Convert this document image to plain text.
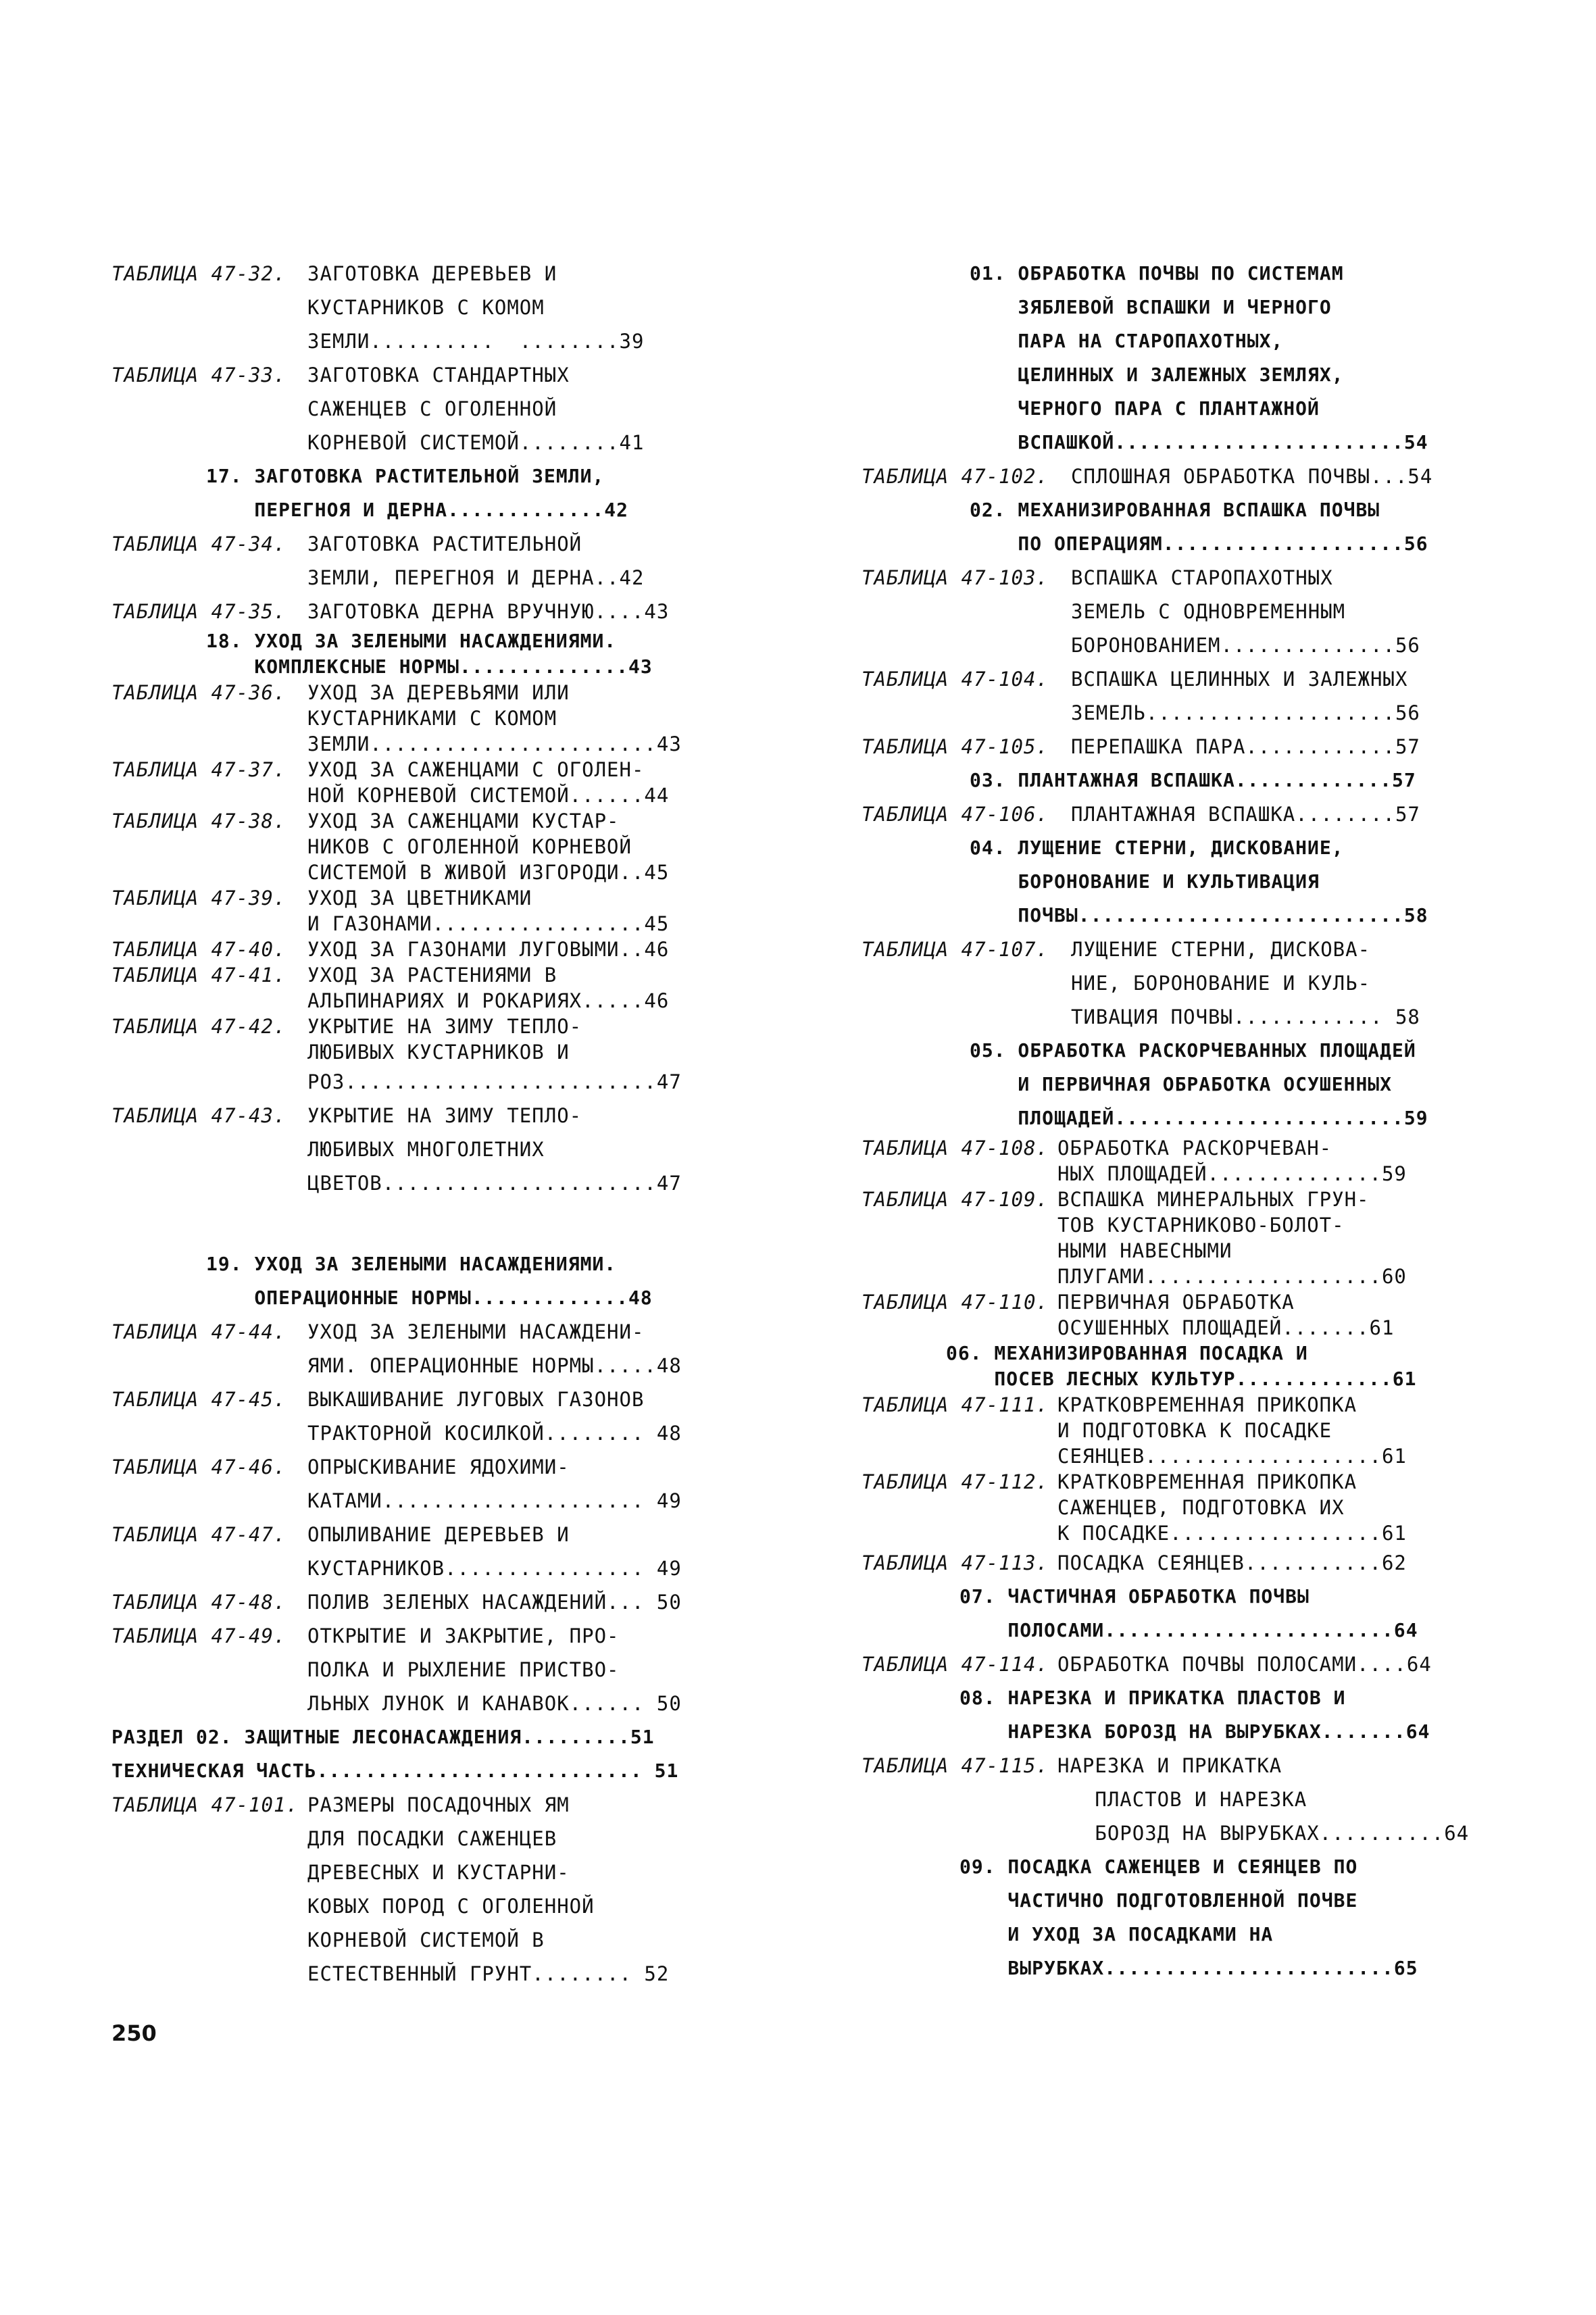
ТАБЛИЦА 47-32.	ЗАГОТОВКА ДЕРЕВЬЕВ И
КУСТАРНИКОВ С КОМОМ
ЗЕМЛИ..........  ........39
ТАБЛИЦА 47-33.	ЗАГОТОВКА СТАНДАРТНЫХ
САЖЕНЦЕВ С ОГОЛЕННОЙ
КОРНЕВОЙ СИСТЕМОЙ........41
17. ЗАГОТОВКА РАСТИТЕЛЬНОЙ ЗЕМЛИ,
ПЕРЕГНОЯ И ДЕРНА.............42
ТАБЛИЦА 47-34.	ЗАГОТОВКА РАСТИТЕЛЬНОЙ
ЗЕМЛИ, ПЕРЕГНОЯ И ДЕРНА..42
ТАБЛИЦА 47-35.	ЗАГОТОВКА ДЕРНА ВРУЧНУЮ....43
18. УХОД ЗА ЗЕЛЕНЫМИ НАСАЖДЕНИЯМИ.
КОМПЛЕКСНЫЕ НОРМЫ..............43
ТАБЛИЦА 47-36.	УХОД ЗА ДЕРЕВЬЯМИ ИЛИ
КУСТАРНИКАМИ С КОМОМ
ЗЕМЛИ.......................43
ТАБЛИЦА 47-37.	УХОД ЗА САЖЕНЦАМИ С ОГОЛЕН-
НОЙ КОРНЕВОЙ СИСТЕМОЙ......44
ТАБЛИЦА 47-38.	УХОД ЗА САЖЕНЦАМИ КУСТАР-
НИКОВ С ОГОЛЕННОЙ КОРНЕВОЙ
СИСТЕМОЙ В ЖИВОЙ ИЗГОРОДИ..45
ТАБЛИЦА 47-39.	УХОД ЗА ЦВЕТНИКАМИ
И ГАЗОНАМИ.................45
ТАБЛИЦА 47-40.	УХОД ЗА ГАЗОНАМИ ЛУГОВЫМИ..46
ТАБЛИЦА 47-41.	УХОД ЗА РАСТЕНИЯМИ В
АЛЬПИНАРИЯХ И РОКАРИЯХ.....46
ТАБЛИЦА 47-42.	УКРЫТИЕ НА ЗИМУ ТЕПЛО-
ЛЮБИВЫХ КУСТАРНИКОВ И
РОЗ.........................47
ТАБЛИЦА 47-43.	УКРЫТИЕ НА ЗИМУ ТЕПЛО-
ЛЮБИВЫХ МНОГОЛЕТНИХ
ЦВЕТОВ......................47
19. УХОД ЗА ЗЕЛЕНЫМИ НАСАЖДЕНИЯМИ.
ОПЕРАЦИОННЫЕ НОРМЫ.............48
ТАБЛИЦА 47-44.	УХОД ЗА ЗЕЛЕНЫМИ НАСАЖДЕНИ-
ЯМИ. ОПЕРАЦИОННЫЕ НОРМЫ.....48
ТАБЛИЦА 47-45.	ВЫКАШИВАНИЕ ЛУГОВЫХ ГАЗОНОВ
ТРАКТОРНОЙ КОСИЛКОЙ........ 48
ТАБЛИЦА 47-46.	ОПРЫСКИВАНИЕ ЯДОХИМИ-
КАТАМИ..................... 49
ТАБЛИЦА 47-47.	ОПЫЛИВАНИЕ ДЕРЕВЬЕВ И
КУСТАРНИКОВ................ 49
ТАБЛИЦА 47-48.	ПОЛИВ ЗЕЛЕНЫХ НАСАЖДЕНИЙ... 50
ТАБЛИЦА 47-49.	ОТКРЫТИЕ И ЗАКРЫТИЕ, ПРО-
ПОЛКА И РЫХЛЕНИЕ ПРИСТВО-
ЛЬНЫХ ЛУНОК И КАНАВОК...... 50
РАЗДЕЛ 02. ЗАЩИТНЫЕ ЛЕСОНАСАЖДЕНИЯ.........51
ТЕХНИЧЕСКАЯ ЧАСТЬ........................... 51
ТАБЛИЦА 47-101. РАЗМЕРЫ ПОСАДОЧНЫХ ЯМ
ДЛЯ ПОСАДКИ САЖЕНЦЕВ
ДРЕВЕСНЫХ И КУСТАРНИ-
КОВЫХ ПОРОД С ОГОЛЕННОЙ
КОРНЕВОЙ СИСТЕМОЙ В
ЕСТЕСТВЕННЫЙ ГРУНТ........ 52
01. ОБРАБОТКА ПОЧВЫ ПО СИСТЕМАМ
ЗЯБЛЕВОЙ ВСПАШКИ И ЧЕРНОГО
ПАРА НА СТАРОПАХОТНЫХ,
ЦЕЛИННЫХ И ЗАЛЕЖНЫХ ЗЕМЛЯХ,
ЧЕРНОГО ПАРА С ПЛАНТАЖНОЙ
ВСПАШКОЙ........................54
ТАБЛИЦА 47-102.	СПЛОШНАЯ ОБРАБОТКА ПОЧВЫ...54
02. МЕХАНИЗИРОВАННАЯ ВСПАШКА ПОЧВЫ
ПО ОПЕРАЦИЯМ....................56
ТАБЛИЦА 47-103.	ВСПАШКА СТАРОПАХОТНЫХ
ЗЕМЕЛЬ С ОДНОВРЕМЕННЫМ
БОРОНОВАНИЕМ..............56
ТАБЛИЦА 47-104.	ВСПАШКА ЦЕЛИННЫХ И ЗАЛЕЖНЫХ
ЗЕМЕЛЬ....................56
ТАБЛИЦА 47-105.	ПЕРЕПАШКА ПАРА............57
03. ПЛАНТАЖНАЯ ВСПАШКА.............57
ТАБЛИЦА 47-106.	ПЛАНТАЖНАЯ ВСПАШКА........57
04. ЛУЩЕНИЕ СТЕРНИ, ДИСКОВАНИЕ,
БОРОНОВАНИЕ И КУЛЬТИВАЦИЯ
ПОЧВЫ...........................58
ТАБЛИЦА 47-107.	ЛУЩЕНИЕ СТЕРНИ, ДИСКОВА-
НИЕ, БОРОНОВАНИЕ И КУЛЬ-
ТИВАЦИЯ ПОЧВЫ............ 58
05. ОБРАБОТКА РАСКОРЧЕВАННЫХ ПЛОЩАДЕЙ
И ПЕРВИЧНАЯ ОБРАБОТКА ОСУШЕННЫХ
ПЛОЩАДЕЙ........................59
ТАБЛИЦА 47-108. ОБРАБОТКА РАСКОРЧЕВАН-
НЫХ ПЛОЩАДЕЙ..............59
ТАБЛИЦА 47-109. ВСПАШКА МИНЕРАЛЬНЫХ ГРУН-
ТОВ КУСТАРНИКОВО-БОЛОТ-
НЫМИ НАВЕСНЫМИ
ПЛУГАМИ...................60
ТАБЛИЦА 47-110. ПЕРВИЧНАЯ ОБРАБОТКА
ОСУШЕННЫХ ПЛОЩАДЕЙ.......61
06. МЕХАНИЗИРОВАННАЯ ПОСАДКА И
ПОСЕВ ЛЕСНЫХ КУЛЬТУР.............61
ТАБЛИЦА 47-111. КРАТКОВРЕМЕННАЯ ПРИКОПКА
И ПОДГОТОВКА К ПОСАДКЕ
СЕЯНЦЕВ...................61
ТАБЛИЦА 47-112. КРАТКОВРЕМЕННАЯ ПРИКОПКА
САЖЕНЦЕВ, ПОДГОТОВКА ИХ
К ПОСАДКЕ.................61
ТАБЛИЦА 47-113. ПОСАДКА СЕЯНЦЕВ...........62
07. ЧАСТИЧНАЯ ОБРАБОТКА ПОЧВЫ
ПОЛОСАМИ........................64
ТАБЛИЦА 47-114. ОБРАБОТКА ПОЧВЫ ПОЛОСАМИ....64
08. НАРЕЗКА И ПРИКАТКА ПЛАСТОВ И
НАРЕЗКА БОРОЗД НА ВЫРУБКАХ.......64
ТАБЛИЦА 47-115. НАРЕЗКА И ПРИКАТКА
ПЛАСТОВ И НАРЕЗКА
БОРОЗД НА ВЫРУБКАХ..........64
09. ПОСАДКА САЖЕНЦЕВ И СЕЯНЦЕВ ПО
ЧАСТИЧНО ПОДГОТОВЛЕННОЙ ПОЧВЕ
И УХОД ЗА ПОСАДКАМИ НА
ВЫРУБКАХ........................65
250
